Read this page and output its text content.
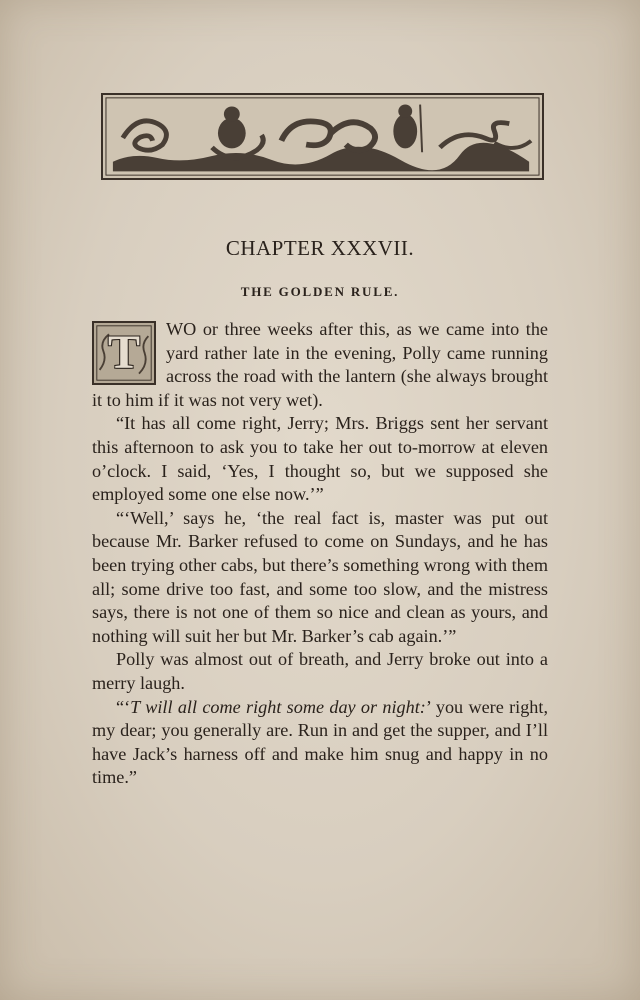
CHAPTER XXXVII.
THE GOLDEN RULE.

T	WO or three weeks after this, as we came into the yard rather late in the evening, Polly came running across the road with the lantern (she always brought it to him if it was not very wet).

“It has all come right, Jerry; Mrs. Briggs sent her servant this afternoon to ask you to take her out to-morrow at eleven o’clock. I said, ‘Yes, I thought so, but we supposed she employed some one else now.’”

“‘Well,’ says he, ‘the real fact is, master was put out because Mr. Barker refused to come on Sundays, and he has been trying other cabs, but there’s something wrong with them all; some drive too fast, and some too slow, and the mistress says, there is not one of them so nice and clean as yours, and nothing will suit her but Mr. Barker’s cab again.’”

Polly was almost out of breath, and Jerry broke out into a merry laugh.

“‘T will all come right some day or night:’ you were right, my dear; you generally are. Run in and get the supper, and I’ll have Jack’s harness off and make him snug and happy in no time.”
